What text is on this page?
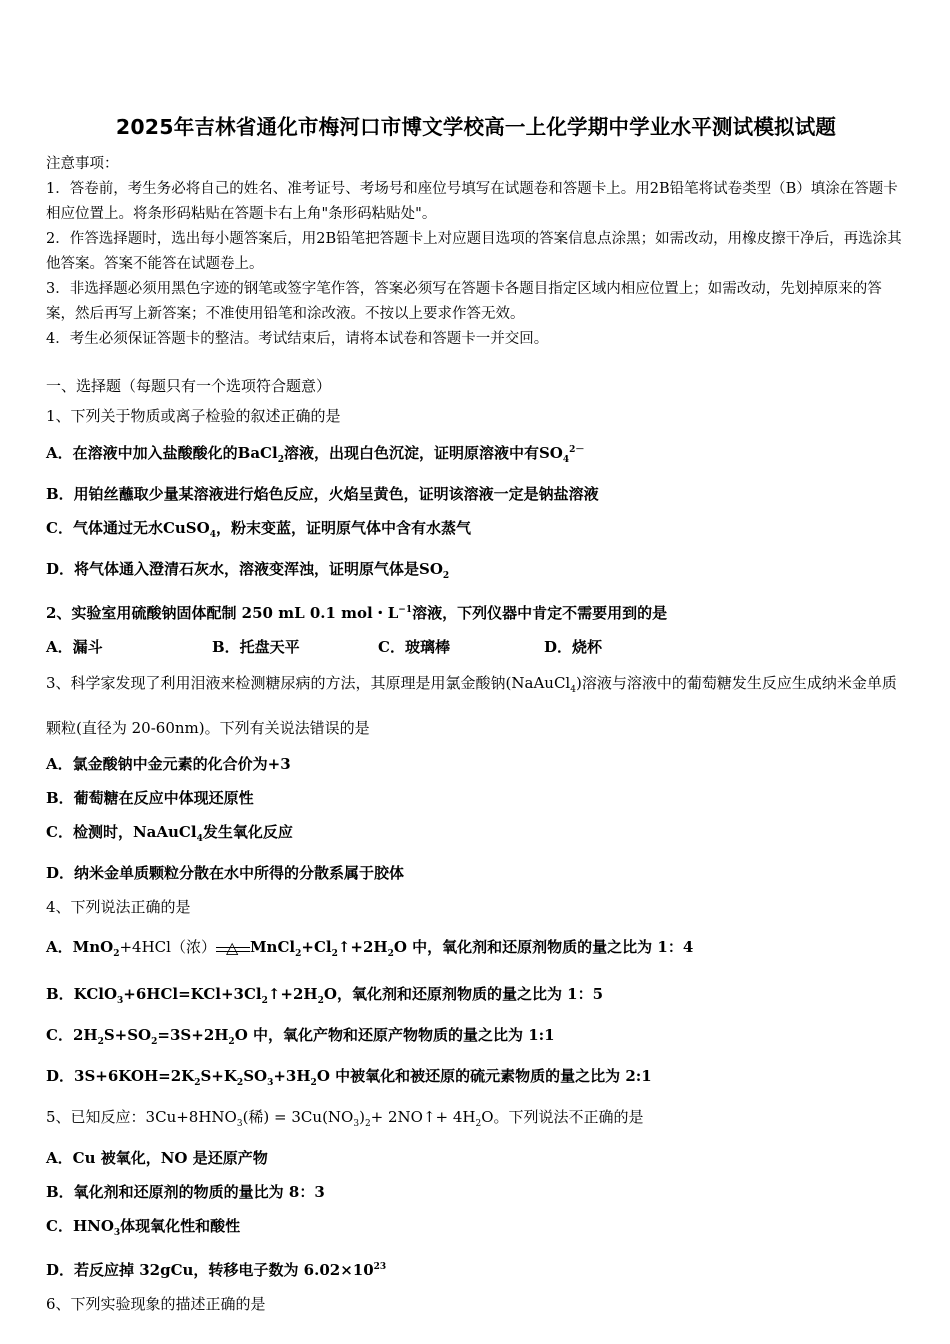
2025年吉林省通化市梅河口市博文学校高一上化学期中学业水平测试模拟试题

注意事项：

1．答卷前，考生务必将自己的姓名、准考证号、考场号和座位号填写在试题卷和答题卡上。用2B铅笔将试卷类型（B）填涂在答题卡相应位置上。将条形码粘贴在答题卡右上角"条形码粘贴处"。

2．作答选择题时，选出每小题答案后，用2B铅笔把答题卡上对应题目选项的答案信息点涂黑；如需改动，用橡皮擦干净后，再选涂其他答案。答案不能答在试题卷上。

3．非选择题必须用黑色字迹的钢笔或签字笔作答，答案必须写在答题卡各题目指定区域内相应位置上；如需改动，先划掉原来的答案，然后再写上新答案；不准使用铅笔和涂改液。不按以上要求作答无效。

4．考生必须保证答题卡的整洁。考试结束后，请将本试卷和答题卡一并交回。

一、选择题（每题只有一个选项符合题意）
1、下列关于物质或离子检验的叙述正确的是
A．在溶液中加入盐酸酸化的BaCl$_2$溶液，出现白色沉淀，证明原溶液中有$SO_4^{2-}$
B．用铂丝蘸取少量某溶液进行焰色反应，火焰呈黄色，证明该溶液一定是钠盐溶液
C．气体通过无水CuSO$_4$，粉末变蓝，证明原气体中含有水蒸气
D．将气体通入澄清石灰水，溶液变浑浊，证明原气体是$SO_2$
2、实验室用硫酸钠固体配制 250 mL 0.1 mol・$L^{-1}$溶液，下列仪器中肯定不需要用到的是
A．漏斗	B．托盘天平	C．玻璃棒	D．烧杯
3、科学家发现了利用泪液来检测糖尿病的方法，其原理是用氯金酸钠(NaAuCl$_4$)溶液与溶液中的葡萄糖发生反应生成纳米金单质颗粒(直径为 20-60nm)。下列有关说法错误的是
A．氯金酸钠中金元素的化合价为+3
B．葡萄糖在反应中体现还原性
C．检测时，NaAuCl$_4$发生氧化反应
D．纳米金单质颗粒分散在水中所得的分散系属于胶体
4、下列说法正确的是
A．MnO$_2$+4HCl（浓） △ $MnCl_2+Cl_2↑+2H_2O$ 中，氧化剂和还原剂物质的量之比为 1：4
B．$KClO_3+6HCl=KCl+3Cl_2↑+2H_2O$，氧化剂和还原剂物质的量之比为 1：5
C．$2H_2S+SO_2=3S+2H_2O$ 中，氧化产物和还原产物物质的量之比为 1:1
D．$3S+6KOH=2K_2S+K_2SO_3+3H_2O$ 中被氧化和被还原的硫元素物质的量之比为 2:1
5、已知反应：$3Cu+8HNO_3$(稀) = $3Cu(NO_3)_2+$ 2NO↑+ $4H_2O$。下列说法不正确的是
A．Cu 被氧化，NO 是还原产物
B．氧化剂和还原剂的物质的量比为 8：3
C．$HNO_3$体现氧化性和酸性
D．若反应掉 32gCu，转移电子数为 $6.02\times 10^{23}$
6、下列实验现象的描述正确的是
